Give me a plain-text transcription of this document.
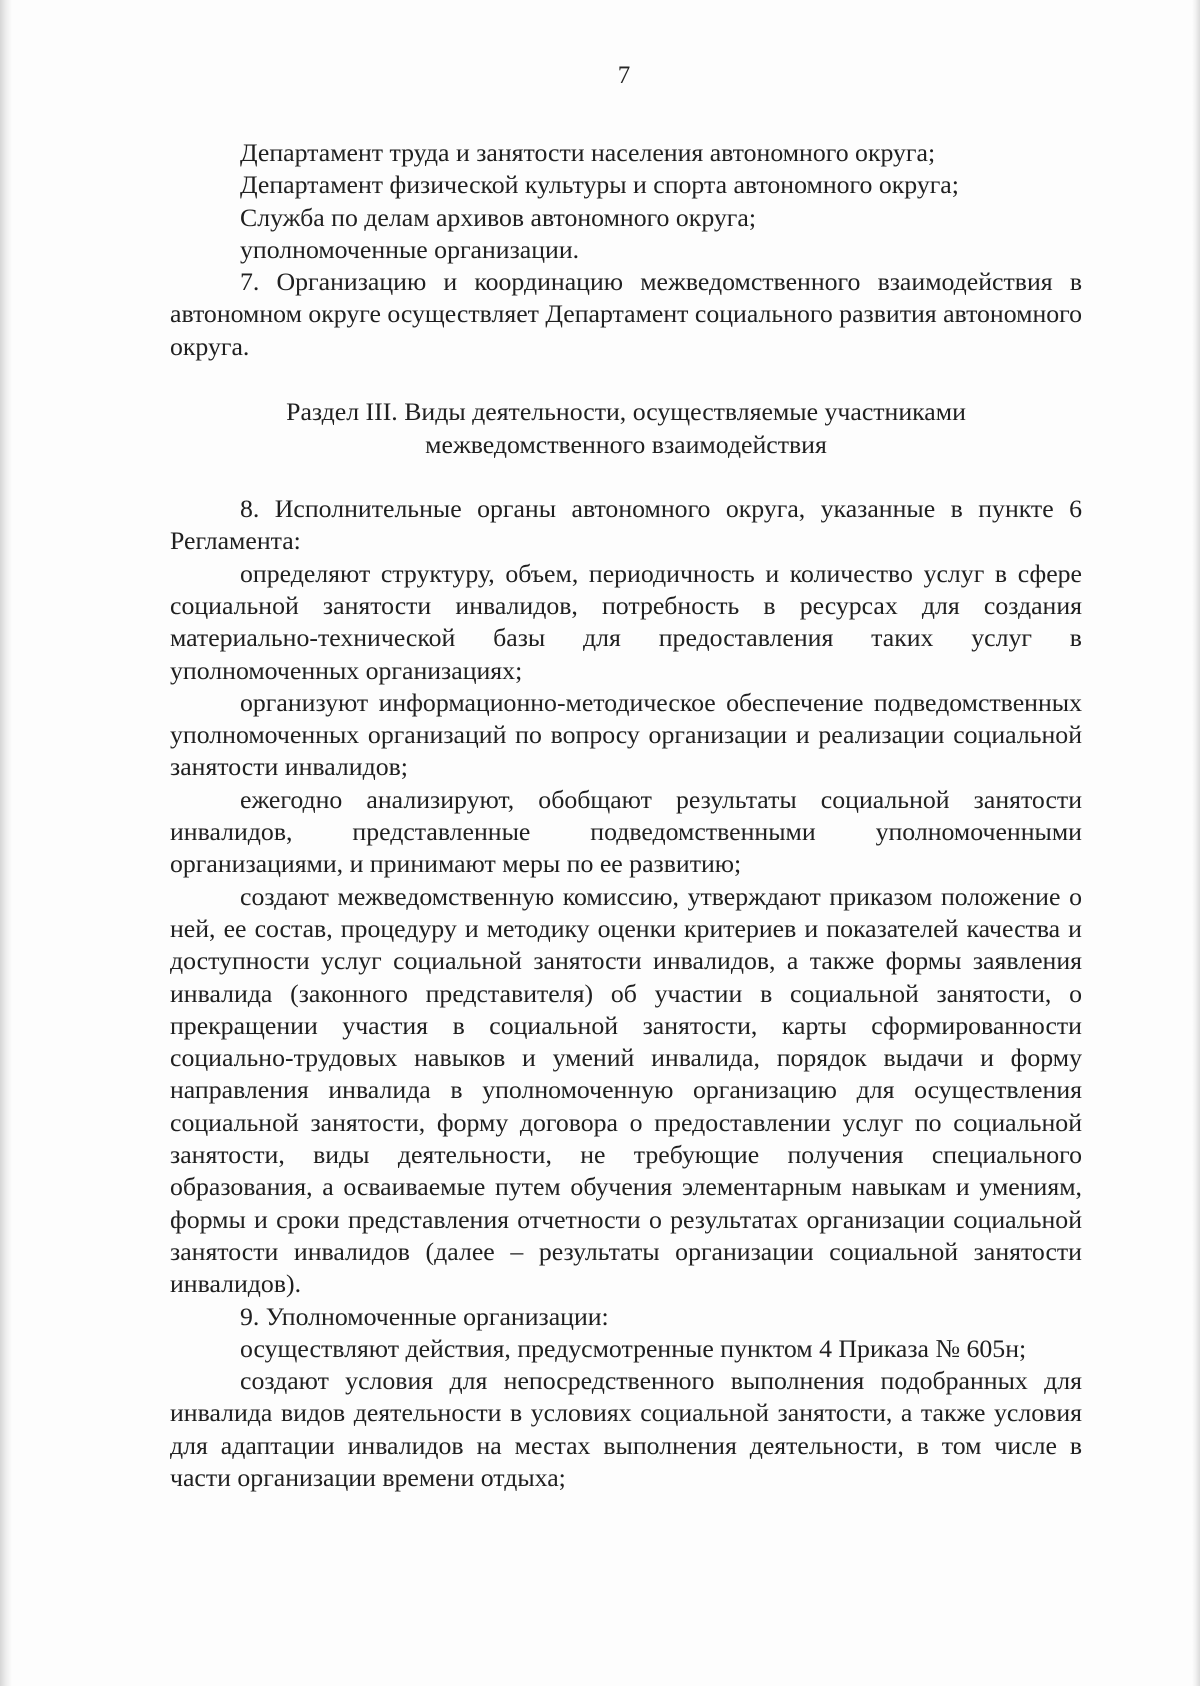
7

Департамент труда и занятости населения автономного округа;

Департамент физической культуры и спорта автономного округа;

Служба по делам архивов автономного округа;

уполномоченные организации.

7. Организацию и координацию межведомственного взаимодействия в автономном округе осуществляет Департамент социального развития автономного округа.

Раздел III. Виды деятельности, осуществляемые участниками
межведомственного взаимодействия

8. Исполнительные органы автономного округа, указанные в пункте 6 Регламента:

определяют структуру, объем, периодичность и количество услуг в сфере социальной занятости инвалидов, потребность в ресурсах для создания материально-технической базы для предоставления таких услуг в уполномоченных организациях;

организуют информационно-методическое обеспечение подведомственных уполномоченных организаций по вопросу организации и реализации социальной занятости инвалидов;

ежегодно анализируют, обобщают результаты социальной занятости инвалидов, представленные подведомственными уполномоченными организациями, и принимают меры по ее развитию;

создают межведомственную комиссию, утверждают приказом положение о ней, ее состав, процедуру и методику оценки критериев и показателей качества и доступности услуг социальной занятости инвалидов, а также формы заявления инвалида (законного представителя) об участии в социальной занятости, о прекращении участия в социальной занятости, карты сформированности социально-трудовых навыков и умений инвалида, порядок выдачи и форму направления инвалида в уполномоченную организацию для осуществления социальной занятости, форму договора о предоставлении услуг по социальной занятости, виды деятельности, не требующие получения специального образования, а осваиваемые путем обучения элементарным навыкам и умениям, формы и сроки представления отчетности о результатах организации социальной занятости инвалидов (далее – результаты организации социальной занятости инвалидов).

9. Уполномоченные организации:

осуществляют действия, предусмотренные пунктом 4 Приказа № 605н;

создают условия для непосредственного выполнения подобранных для инвалида видов деятельности в условиях социальной занятости, а также условия для адаптации инвалидов на местах выполнения деятельности, в том числе в части организации времени отдыха;
